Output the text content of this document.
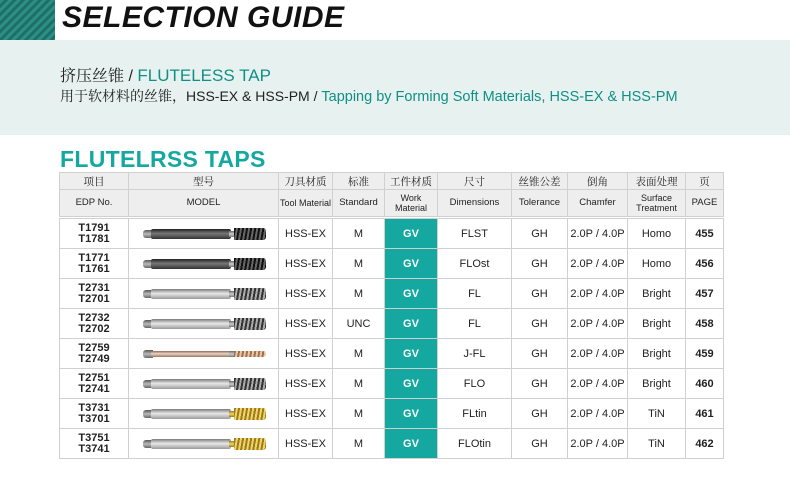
SELECTION GUIDE
挤压丝锥 / FLUTELESS TAP
用于软材料的丝锥，HSS-EX & HSS-PM / Tapping by Forming Soft Materials, HSS-EX & HSS-PM
FLUTELRSS TAPS
项目	型号	刀具材质	标准	工件材质	尺寸	丝锥公差	倒角	表面处理	页
EDP No.	MODEL	Tool Material	Standard	Work Material	Dimensions	Tolerance	Chamfer	Surface Treatment	PAGE

T1791
T1781		HSS-EX	M	GV	FLST	GH	2.0P / 4.0P	Homo	455

T1771
T1761		HSS-EX	M	GV	FLOst	GH	2.0P / 4.0P	Homo	456

T2731
T2701		HSS-EX	M	GV	FL	GH	2.0P / 4.0P	Bright	457

T2732
T2702		HSS-EX	UNC	GV	FL	GH	2.0P / 4.0P	Bright	458

T2759
T2749		HSS-EX	M	GV	J-FL	GH	2.0P / 4.0P	Bright	459

T2751
T2741		HSS-EX	M	GV	FLO	GH	2.0P / 4.0P	Bright	460

T3731
T3701		HSS-EX	M	GV	FLtin	GH	2.0P / 4.0P	TiN	461

T3751
T3741		HSS-EX	M	GV	FLOtin	GH	2.0P / 4.0P	TiN	462
